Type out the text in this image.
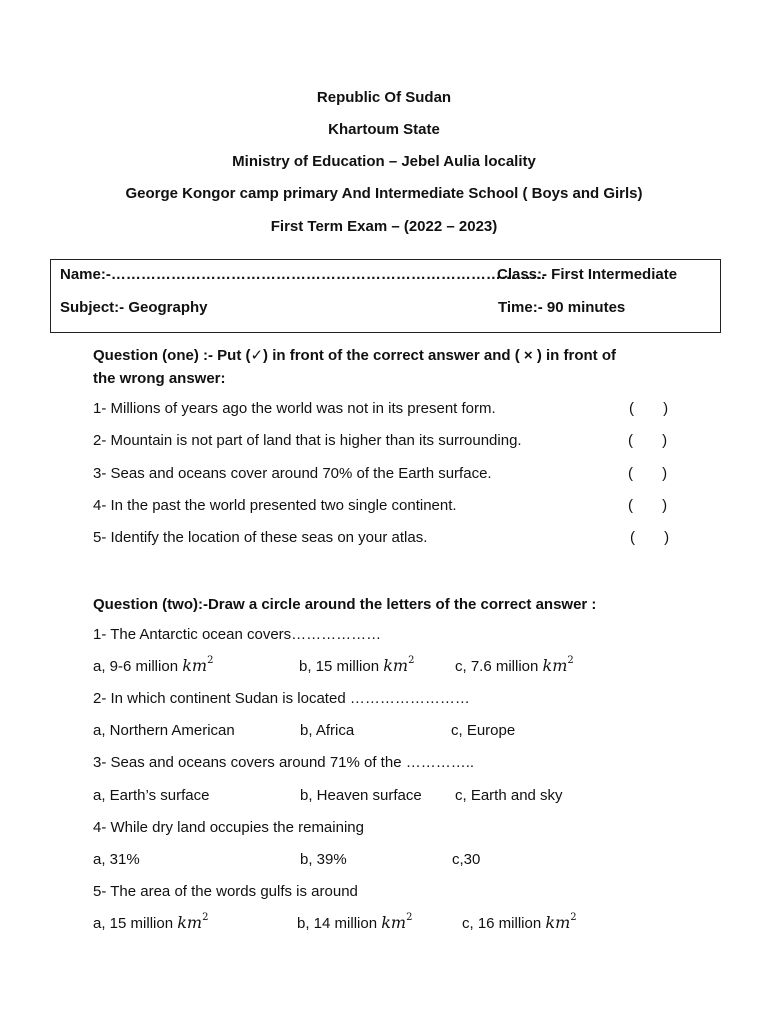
Republic Of Sudan
Khartoum State
Ministry of Education – Jebel Aulia locality
George Kongor camp primary And Intermediate School ( Boys and Girls)
First Term Exam – (2022 – 2023)
Name:-……………………………………………………………………………
Class:- First Intermediate
Subject:- Geography	Time:- 90 minutes
Question (one) :- Put (✓) in front of the correct answer and ( × ) in front of
the wrong answer:
1- Millions of years ago the world was not in its present form.	(       )
2- Mountain is not part of land that is higher than its surrounding.	(       )
3- Seas and oceans cover around 70% of the Earth surface.	(       )
4- In the past the world presented two single continent.	(       )
5- Identify the location of these seas on your atlas.	(       )
Question (two):-Draw a circle around the letters of the correct answer :
1- The Antarctic ocean covers………………
a, 9-6 million $km^2$	b, 15 million $km^2$	c, 7.6 million $km^2$
2- In which continent Sudan is located ……………………
a, Northern American	b, Africa	c, Europe
3- Seas and oceans covers around 71% of the …………..
a, Earth’s surface	b, Heaven surface c, Earth and sky
4- While dry land occupies the remaining
a, 31%	b, 39%	c,30
5- The area of the words gulfs is around
a, 15 million $km^2$	b, 14 million $km^2$	c, 16 million $km^2$
